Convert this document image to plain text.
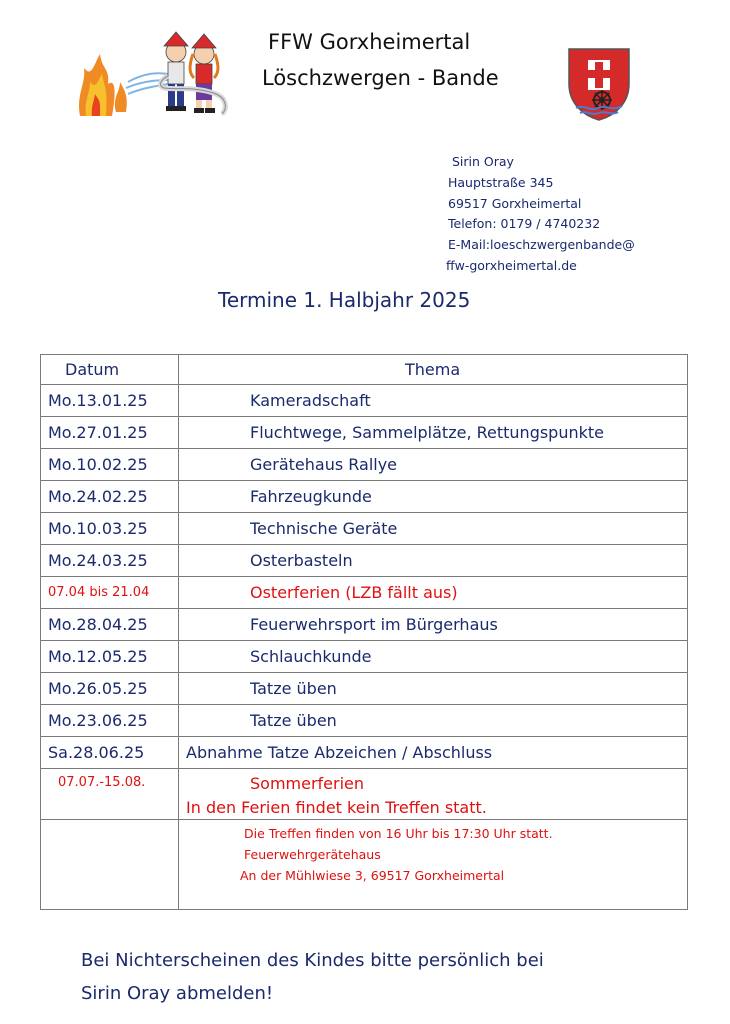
FFW Gorxheimertal
Löschzwergen - Bande
Sirin Oray
Hauptstraße 345
69517 Gorxheimertal
Telefon: 0179 / 4740232
E-Mail:loeschzwergenbande@
ffw-gorxheimertal.de
Termine 1. Halbjahr 2025
Datum	Thema
Mo.13.01.25	Kameradschaft
Mo.27.01.25	Fluchtwege, Sammelplätze, Rettungspunkte
Mo.10.02.25	Gerätehaus Rallye
Mo.24.02.25	Fahrzeugkunde
Mo.10.03.25	Technische Geräte
Mo.24.03.25	Osterbasteln
07.04 bis 21.04	Osterferien (LZB fällt aus)
Mo.28.04.25	Feuerwehrsport im Bürgerhaus
Mo.12.05.25	Schlauchkunde
Mo.26.05.25	Tatze üben
Mo.23.06.25	Tatze üben
Sa.28.06.25	Abnahme Tatze Abzeichen / Abschluss
07.07.-15.08.	Sommerferien
In den Ferien findet kein Treffen statt.

	Die Treffen finden von 16 Uhr bis 17:30 Uhr statt.
Feuerwehrgerätehaus
An der Mühlwiese 3, 69517 Gorxheimertal
Bei Nichterscheinen des Kindes bitte persönlich bei
Sirin Oray abmelden!
